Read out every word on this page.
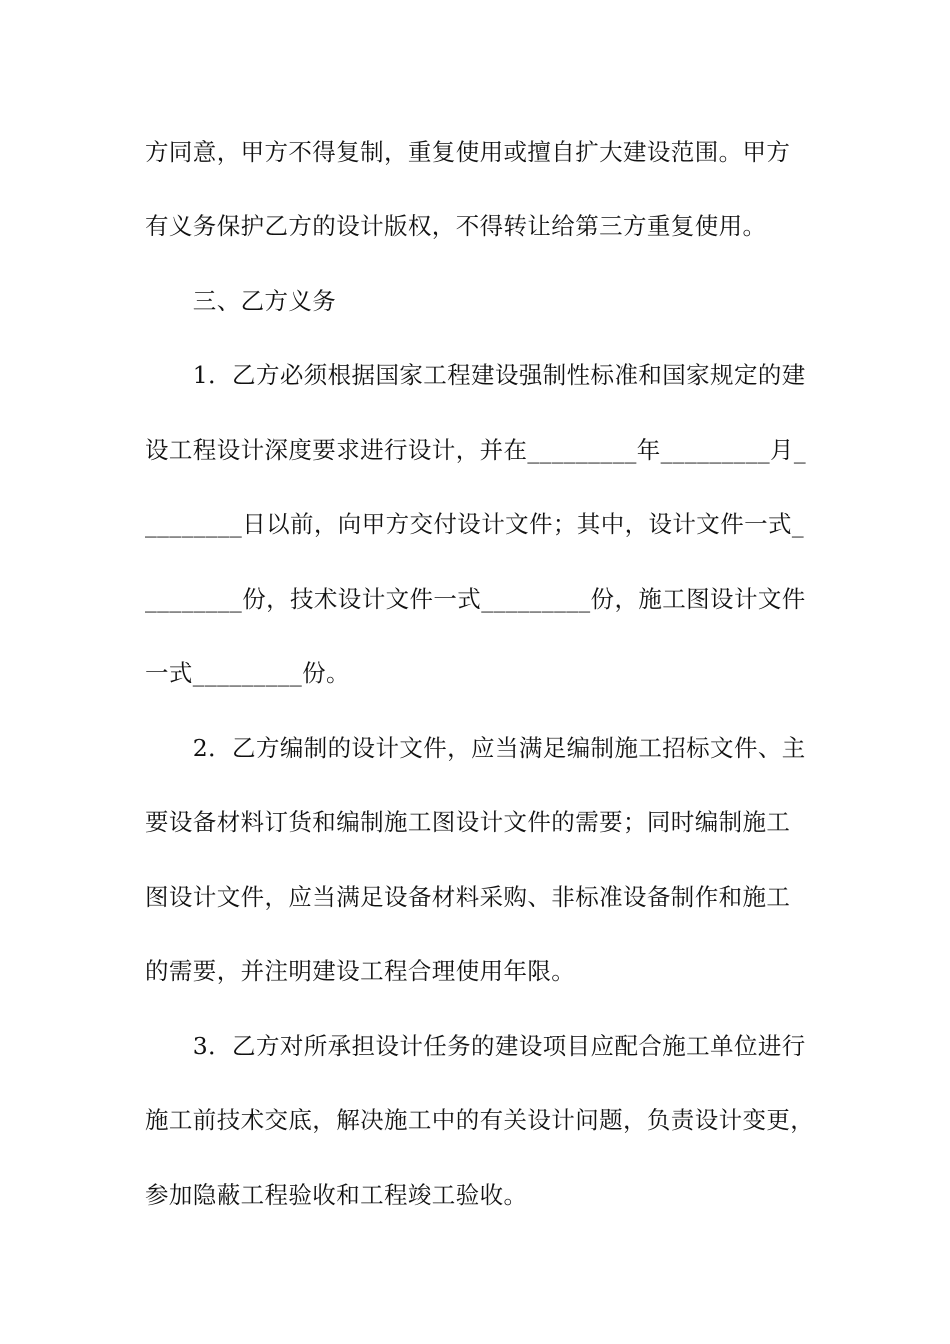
方同意，甲方不得复制，重复使用或擅自扩大建设范围。甲方
有义务保护乙方的设计版权，不得转让给第三方重复使用。
　　三、乙方义务
　　1．乙方必须根据国家工程建设强制性标准和国家规定的建
设工程设计深度要求进行设计，并在_________年_________月_
________日以前，向甲方交付设计文件；其中，设计文件一式_
________份，技术设计文件一式_________份，施工图设计文件
一式_________份。
　　2．乙方编制的设计文件，应当满足编制施工招标文件、主
要设备材料订货和编制施工图设计文件的需要；同时编制施工
图设计文件，应当满足设备材料采购、非标准设备制作和施工
的需要，并注明建设工程合理使用年限。
　　3．乙方对所承担设计任务的建设项目应配合施工单位进行
施工前技术交底，解决施工中的有关设计问题，负责设计变更，
参加隐蔽工程验收和工程竣工验收。
